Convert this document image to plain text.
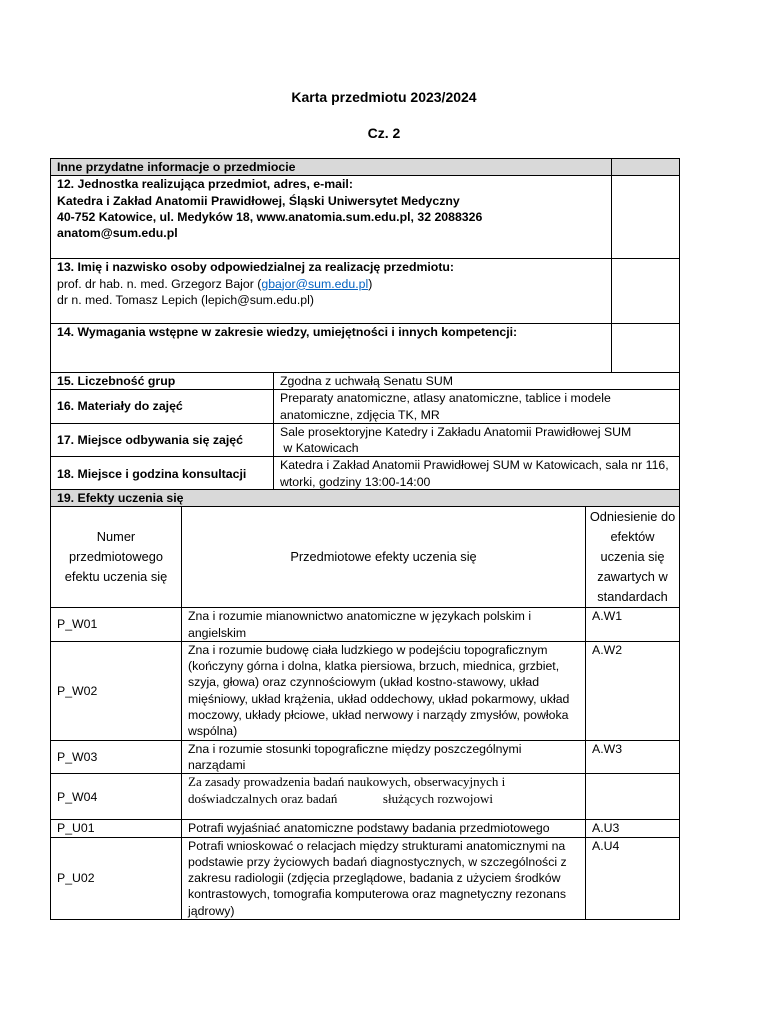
Karta przedmiotu 2023/2024
Cz. 2
Inne przydatne informacje o przedmiocie	

12. Jednostka realizująca przedmiot, adres, e-mail:
Katedra i Zakład Anatomii Prawidłowej, Śląski Uniwersytet Medyczny
40-752 Katowice, ul. Medyków 18, www.anatomia.sum.edu.pl, 32 2088326
anatom@sum.edu.pl	

13. Imię i nazwisko osoby odpowiedzialnej za realizację przedmiotu:
prof. dr hab. n. med. Grzegorz Bajor (gbajor@sum.edu.pl)
dr n. med. Tomasz Lepich (lepich@sum.edu.pl)	

14. Wymagania wstępne w zakresie wiedzy, umiejętności i innych kompetencji:	
15. Liczebność grup	Zgodna z uchwałą Senatu SUM
16. Materiały do zajęć	Preparaty anatomiczne, atlasy anatomiczne, tablice i modele anatomiczne, zdjęcia TK, MR
17. Miejsce odbywania się zajęć	Sale prosektoryjne Katedry i Zakładu Anatomii Prawidłowej SUM
w Katowicach

18. Miejsce i godzina konsultacji	Katedra i Zakład Anatomii Prawidłowej SUM w Katowicach, sala nr 116, wtorki, godziny 13:00-14:00
19. Efekty uczenia się		
Numer przedmiotowego efektu uczenia się	Przedmiotowe efekty uczenia się	Odniesienie do efektów uczenia się zawartych w standardach
P_W01	Zna i rozumie mianownictwo anatomiczne w językach polskim i angielskim	A.W1
P_W02	Zna i rozumie budowę ciała ludzkiego w podejściu topograficznym (kończyny górna i dolna, klatka piersiowa, brzuch, miednica, grzbiet, szyja, głowa) oraz czynnościowym (układ kostno-stawowy, układ mięśniowy, układ krążenia, układ oddechowy, układ pokarmowy, układ moczowy, układy płciowe, układ nerwowy i narządy zmysłów, powłoka wspólna)	A.W2
P_W03	Zna i rozumie stosunki topograficzne między poszczególnymi narządami	A.W3
P_W04	Za zasady prowadzenia badań naukowych, obserwacyjnych i
doświadczalnych oraz badań              służących rozwojowi	

P_U01	Potrafi wyjaśniać anatomiczne podstawy badania przedmiotowego	A.U3
P_U02	Potrafi wnioskować o relacjach między strukturami anatomicznymi na podstawie przy życiowych badań diagnostycznych, w szczególności z zakresu radiologii (zdjęcia przeglądowe, badania z użyciem środków kontrastowych, tomografia komputerowa oraz magnetyczny rezonans jądrowy)	A.U4
